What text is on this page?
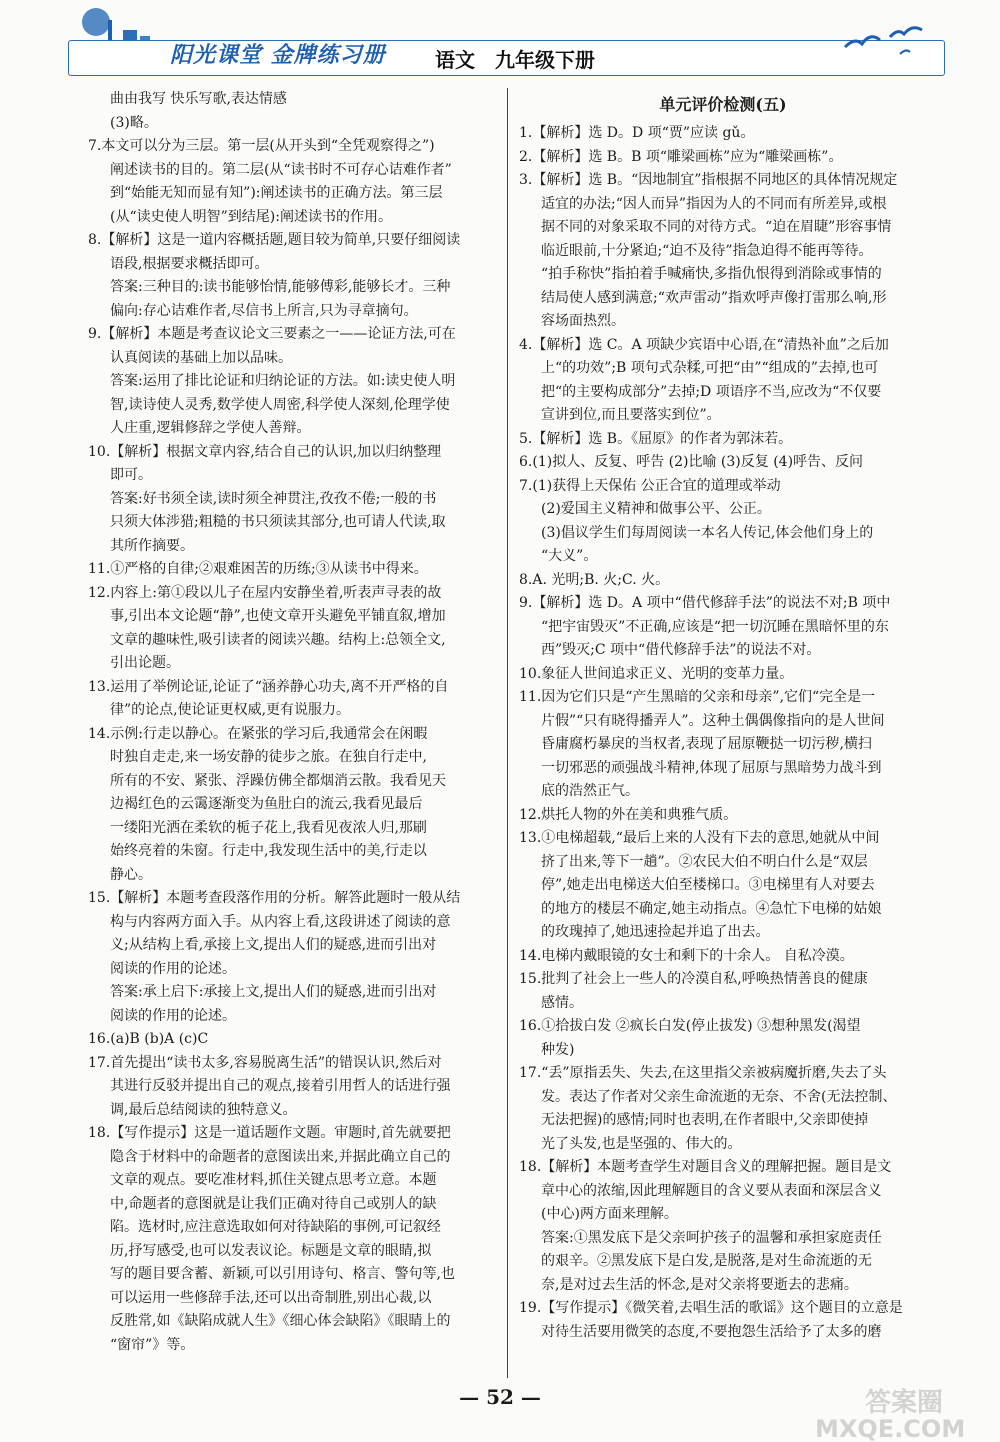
阳光课堂 金牌练习册 语文 九年级下册
曲由我写 快乐写歌,表达情感
(3)略。
7.本文可以分为三层。第一层(从开头到“全凭观察得之”)
阐述读书的目的。第二层(从“读书时不可存心诘难作者”
到“始能无知而显有知”):阐述读书的正确方法。第三层
(从“读史使人明智”到结尾):阐述读书的作用。
8.【解析】这是一道内容概括题,题目较为简单,只要仔细阅读
语段,根据要求概括即可。
答案:三种目的:读书能够怡情,能够傅彩,能够长才。三种
偏向:存心诘难作者,尽信书上所言,只为寻章摘句。
9.【解析】本题是考查议论文三要素之一——论证方法,可在
认真阅读的基础上加以品味。
答案:运用了排比论证和归纳论证的方法。如:读史使人明
智,读诗使人灵秀,数学使人周密,科学使人深刻,伦理学使
人庄重,逻辑修辞之学使人善辩。
10.【解析】根据文章内容,结合自己的认识,加以归纳整理
即可。
答案:好书须全读,读时须全神贯注,孜孜不倦;一般的书
只须大体涉猎;粗糙的书只须读其部分,也可请人代读,取
其所作摘要。
11.①严格的自律;②艰难困苦的历练;③从读书中得来。
12.内容上:第①段以儿子在屋内安静坐着,听表声寻表的故
事,引出本文论题“静”,也使文章开头避免平铺直叙,增加
文章的趣味性,吸引读者的阅读兴趣。结构上:总领全文,
引出论题。
13.运用了举例论证,论证了“涵养静心功夫,离不开严格的自
律”的论点,使论证更权威,更有说服力。
14.示例:行走以静心。在紧张的学习后,我通常会在闲暇
时独自走走,来一场安静的徒步之旅。在独自行走中,
所有的不安、紧张、浮躁仿佛全都烟消云散。我看见天
边褐红色的云霭逐渐变为鱼肚白的流云,我看见最后
一缕阳光洒在柔软的栀子花上,我看见夜浓人归,那刷
始终亮着的朱窗。行走中,我发现生活中的美,行走以
静心。
15.【解析】本题考查段落作用的分析。解答此题时一般从结
构与内容两方面入手。从内容上看,这段讲述了阅读的意
义;从结构上看,承接上文,提出人们的疑惑,进而引出对
阅读的作用的论述。
答案:承上启下:承接上文,提出人们的疑惑,进而引出对
阅读的作用的论述。
16.(a)B (b)A (c)C
17.首先提出“读书太多,容易脱离生活”的错误认识,然后对
其进行反驳并提出自己的观点,接着引用哲人的话进行强
调,最后总结阅读的独特意义。
18.【写作提示】这是一道话题作文题。审题时,首先就要把
隐含于材料中的命题者的意图读出来,并据此确立自己的
文章的观点。要吃准材料,抓住关键点思考立意。本题
中,命题者的意图就是让我们正确对待自己或别人的缺
陷。选材时,应注意选取如何对待缺陷的事例,可记叙经
历,抒写感受,也可以发表议论。标题是文章的眼睛,拟
写的题目要含蓄、新颖,可以引用诗句、格言、警句等,也
可以运用一些修辞手法,还可以出奇制胜,别出心裁,以
反胜常,如《缺陷成就人生》《细心体会缺陷》《眼睛上的
“窗帘”》等。
单元评价检测(五)
1.【解析】选 D。D 项“贾”应读 gǔ。
2.【解析】选 B。B 项“雕梁画栋”应为“雕梁画栋”。
3.【解析】选 B。“因地制宜”指根据不同地区的具体情况规定
适宜的办法;“因人而异”指因为人的不同而有所差异,或根
据不同的对象采取不同的对待方式。“迫在眉睫”形容事情
临近眼前,十分紧迫;“迫不及待”指急迫得不能再等待。
“拍手称快”指拍着手喊痛快,多指仇恨得到消除或事情的
结局使人感到满意;“欢声雷动”指欢呼声像打雷那么响,形
容场面热烈。
4.【解析】选 C。A 项缺少宾语中心语,在“清热补血”之后加
上“的功效”;B 项句式杂糅,可把“由”“组成的”去掉,也可
把“的主要构成部分”去掉;D 项语序不当,应改为“不仅要
宣讲到位,而且要落实到位”。
5.【解析】选 B。《屈原》的作者为郭沫若。
6.(1)拟人、反复、呼告 (2)比喻 (3)反复 (4)呼告、反问
7.(1)获得上天保佑 公正合宜的道理或举动
(2)爱国主义精神和做事公平、公正。
(3)倡议学生们每周阅读一本名人传记,体会他们身上的
“大义”。
8.A. 光明;B. 火;C. 火。
9.【解析】选 D。A 项中“借代修辞手法”的说法不对;B 项中
“把宇宙毁灭”不正确,应该是“把一切沉睡在黑暗怀里的东
西”毁灭;C 项中“借代修辞手法”的说法不对。
10.象征人世间追求正义、光明的变革力量。
11.因为它们只是“产生黑暗的父亲和母亲”,它们“完全是一
片假”“只有晓得播弄人”。这种土偶偶像指向的是人世间
昏庸腐朽暴戾的当权者,表现了屈原鞭挞一切污秽,横扫
一切邪恶的顽强战斗精神,体现了屈原与黑暗势力战斗到
底的浩然正气。
12.烘托人物的外在美和典雅气质。
13.①电梯超载,“最后上来的人没有下去的意思,她就从中间
挤了出来,等下一趟”。②农民大伯不明白什么是“双层
停”,她走出电梯送大伯至楼梯口。③电梯里有人对要去
的地方的楼层不确定,她主动指点。④急忙下电梯的姑娘
的玫瑰掉了,她迅速捡起并追了出去。
14.电梯内戴眼镜的女士和剩下的十余人。 自私冷漠。
15.批判了社会上一些人的冷漠自私,呼唤热情善良的健康
感情。
16.①拾拔白发 ②疯长白发(停止拔发) ③想种黑发(渴望
种发)
17.“丢”原指丢失、失去,在这里指父亲被病魔折磨,失去了头
发。表达了作者对父亲生命流逝的无奈、不舍(无法控制、
无法把握)的感情;同时也表明,在作者眼中,父亲即使掉
光了头发,也是坚强的、伟大的。
18.【解析】本题考查学生对题目含义的理解把握。题目是文
章中心的浓缩,因此理解题目的含义要从表面和深层含义
(中心)两方面来理解。
答案:①黑发底下是父亲呵护孩子的温馨和承担家庭责任
的艰辛。②黑发底下是白发,是脱落,是对生命流逝的无
奈,是对过去生活的怀念,是对父亲将要逝去的悲痛。
19.【写作提示】《微笑着,去唱生活的歌谣》这个题目的立意是
对待生活要用微笑的态度,不要抱怨生活给予了太多的磨
— 52 —	答案圈
MXQE.COM
